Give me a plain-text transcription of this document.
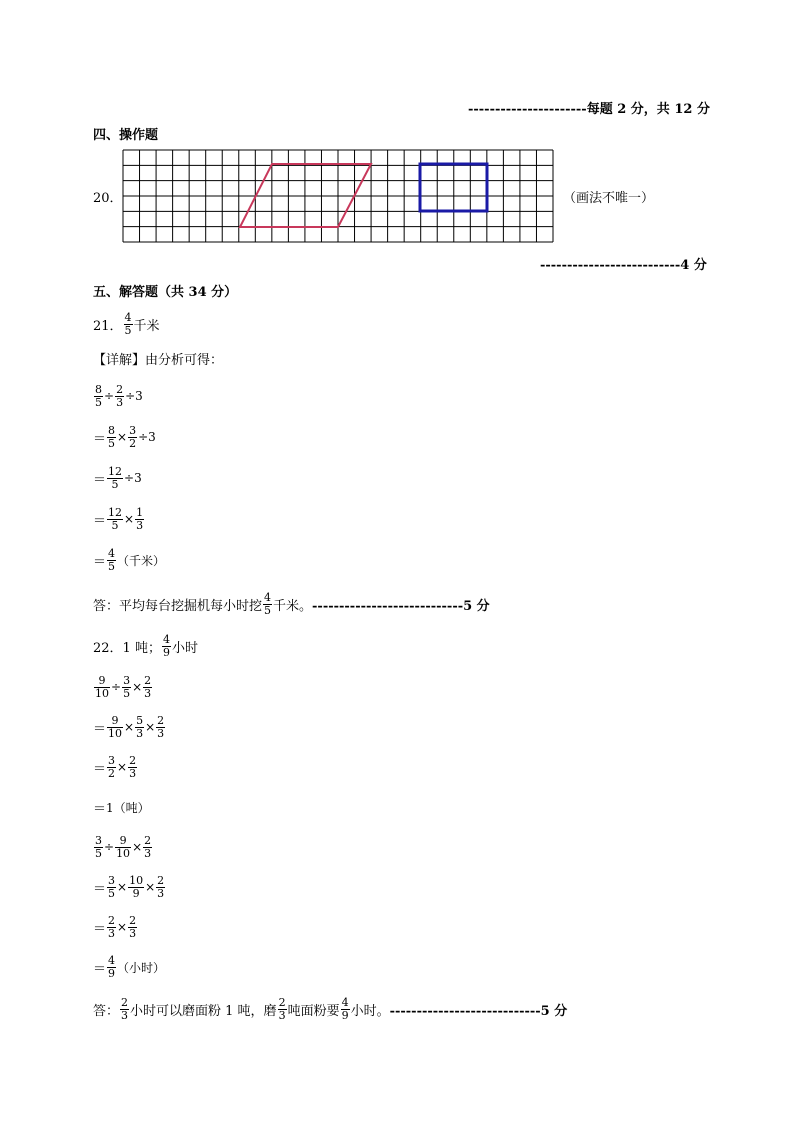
----------------------每题 2 分，共 12 分
四、操作题
20．	（画法不唯一）
--------------------------4 分
五、解答题（共 34 分）
21． $\frac{4}{5}$ 千米
【详解】由分析可得：
$\frac{8}{5} \div \frac{2}{3} \div 3$
＝ $\frac{8}{5} \times \frac{3}{2} \div 3$
＝ $\frac{12}{5} \div 3$
＝ $\frac{12}{5} \times \frac{1}{3}$
＝ $\frac{4}{5}$ （千米）
答：平均每台挖掘机每小时挖 $\frac{4}{5}$ 千米。 ----------------------------5 分
22． 1 吨； $\frac{4}{9}$ 小时
$\frac{9}{10} \div \frac{3}{5} \times \frac{2}{3}$
＝ $\frac{9}{10} \times \frac{5}{3} \times \frac{2}{3}$
＝ $\frac{3}{2} \times \frac{2}{3}$
＝ 1（吨）
$\frac{3}{5} \div \frac{9}{10} \times \frac{2}{3}$
＝ $\frac{3}{5} \times \frac{10}{9} \times \frac{2}{3}$
＝ $\frac{2}{3} \times \frac{2}{3}$
＝ $\frac{4}{9}$ （小时）
答： $\frac{2}{3}$ 小时可以磨面粉 1 吨，磨 $\frac{2}{3}$ 吨面粉要 $\frac{4}{9}$ 小时。 ----------------------------5 分
